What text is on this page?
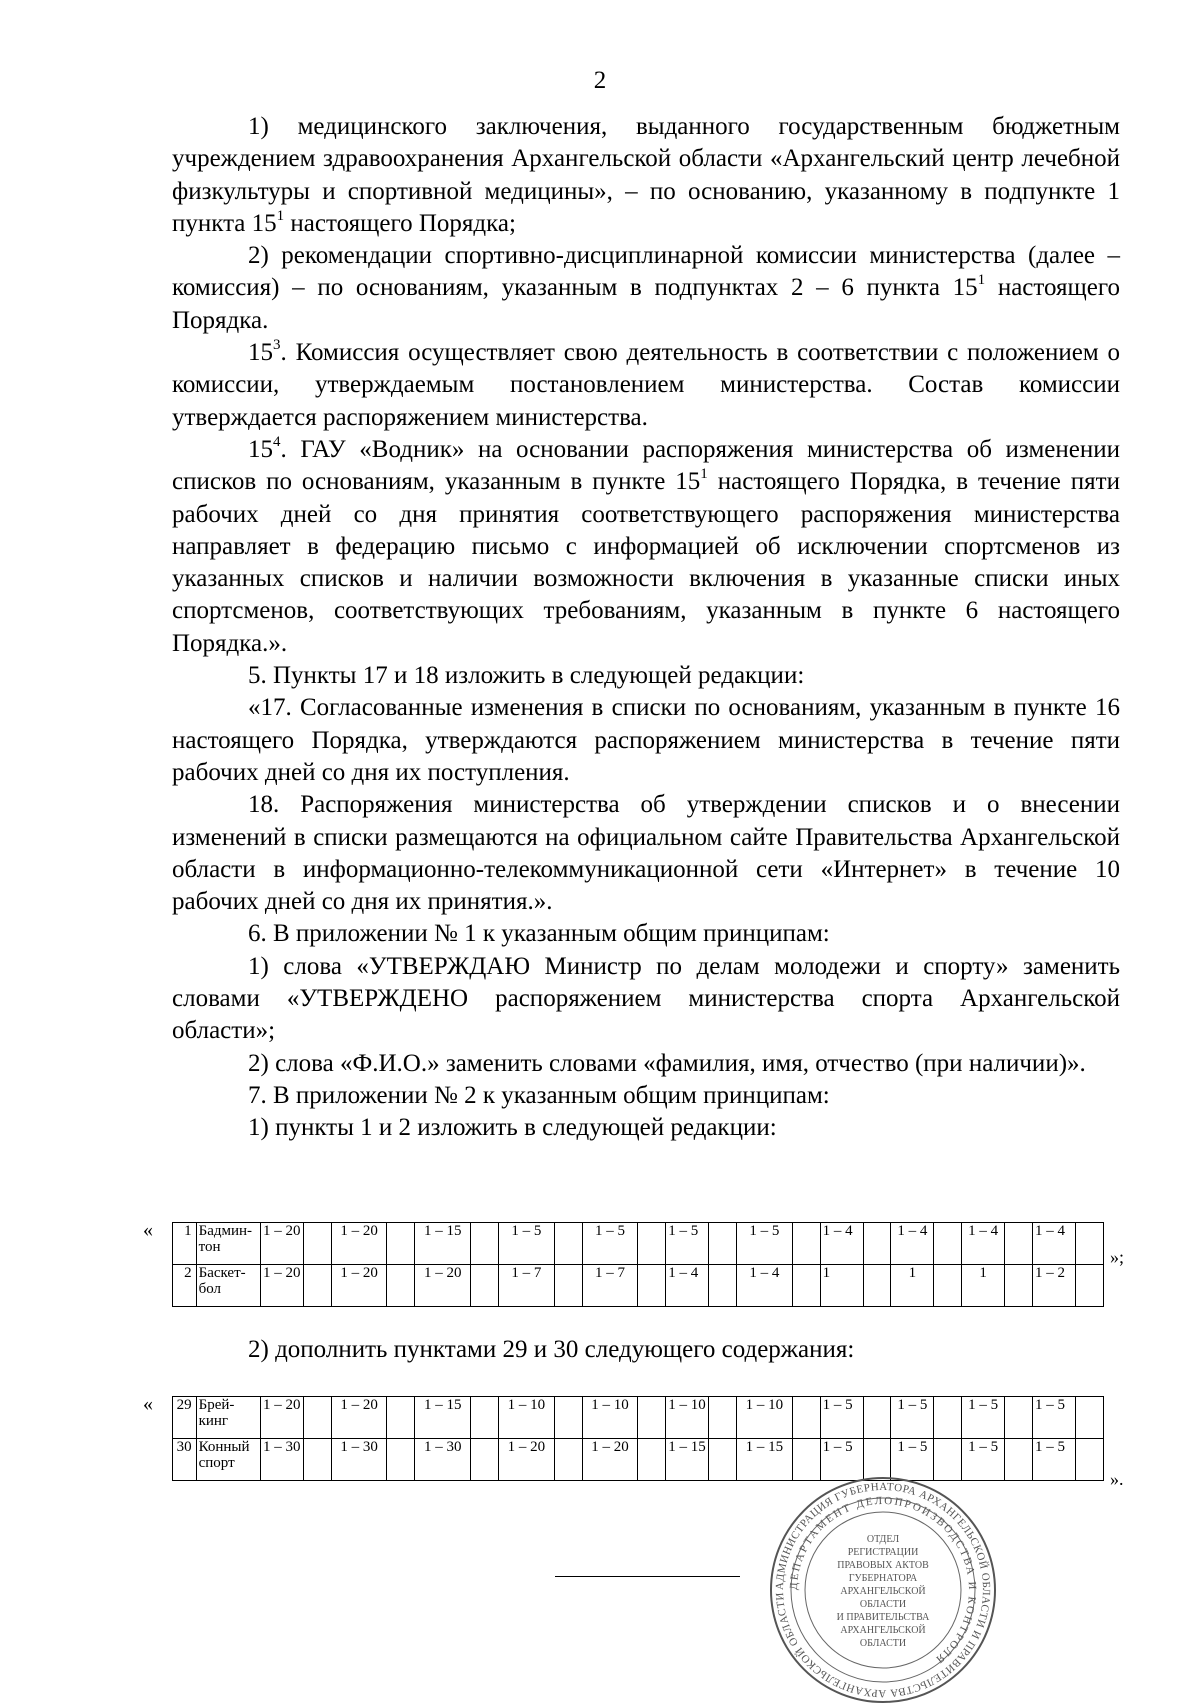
2

1) медицинского заключения, выданного государственным бюджетным учреждением здравоохранения Архангельской области «Архангельский центр лечебной физкультуры и спортивной медицины», – по основанию, указанному в подпункте 1 пункта $15^1$ настоящего Порядка;

2) рекомендации спортивно-дисциплинарной комиссии министерства (далее – комиссия) – по основаниям, указанным в подпунктах 2 – 6 пункта $15^1$ настоящего Порядка.

$15^3$. Комиссия осуществляет свою деятельность в соответствии с положением о комиссии, утверждаемым постановлением министерства. Состав комиссии утверждается распоряжением министерства.

$15^4$. ГАУ «Водник» на основании распоряжения министерства об изменении списков по основаниям, указанным в пункте $15^1$ настоящего Порядка, в течение пяти рабочих дней со дня принятия соответствующего распоряжения министерства направляет в федерацию письмо с информацией об исключении спортсменов из указанных списков и наличии возможности включения в указанные списки иных спортсменов, соответствующих требованиям, указанным в пункте 6 настоящего Порядка.».

5. Пункты 17 и 18 изложить в следующей редакции:

«17. Согласованные изменения в списки по основаниям, указанным в пункте 16 настоящего Порядка, утверждаются распоряжением министерства в течение пяти рабочих дней со дня их поступления.

18. Распоряжения министерства об утверждении списков и о внесении изменений в списки размещаются на официальном сайте Правительства Архангельской области в информационно-телекоммуникационной сети «Интернет» в течение 10 рабочих дней со дня их принятия.».

6. В приложении № 1 к указанным общим принципам:

1) слова «УТВЕРЖДАЮ Министр по делам молодежи и спорту» заменить словами «УТВЕРЖДЕНО распоряжением министерства спорта Архангельской области»;

2) слова «Ф.И.О.» заменить словами «фамилия, имя, отчество (при наличии)».

7. В приложении № 2 к указанным общим принципам:

1) пункты 1 и 2 изложить в следующей редакции:

« 1	Бадмин-тон	1 – 20		1 – 20		1 – 15		1 – 5		1 – 5		1 – 5		1 – 5		1 – 4		1 – 4		1 – 4		1 – 4	
2	Баскет-бол	1 – 20		1 – 20		1 – 20		1 – 7		1 – 7		1 – 4		1 – 4		1		1		1		1 – 2	
»;
2) дополнить пунктами 29 и 30 следующего содержания:
« 29	Брей-кинг	1 – 20		1 – 20		1 – 15		1 – 10		1 – 10		1 – 10		1 – 10		1 – 5		1 – 5		1 – 5		1 – 5	
30	Конный спорт	1 – 30		1 – 30		1 – 30		1 – 20		1 – 20		1 – 15		1 – 15		1 – 5		1 – 5		1 – 5		1 – 5	
».
АДМИНИСТРАЦИЯ ГУБЕРНАТОРА АРХАНГЕЛЬСКОЙ ОБЛАСТИ И ПРАВИТЕЛЬСТВА АРХАНГЕЛЬСКОЙ ОБЛАСТИ
ДЕПАРТАМЕНТ ДЕЛОПРОИЗВОДСТВА И КОНТРОЛЯ
ОТДЕЛ
РЕГИСТРАЦИИ
ПРАВОВЫХ АКТОВ
ГУБЕРНАТОРА
АРХАНГЕЛЬСКОЙ
ОБЛАСТИ
И ПРАВИТЕЛЬСТВА
АРХАНГЕЛЬСКОЙ
ОБЛАСТИ
